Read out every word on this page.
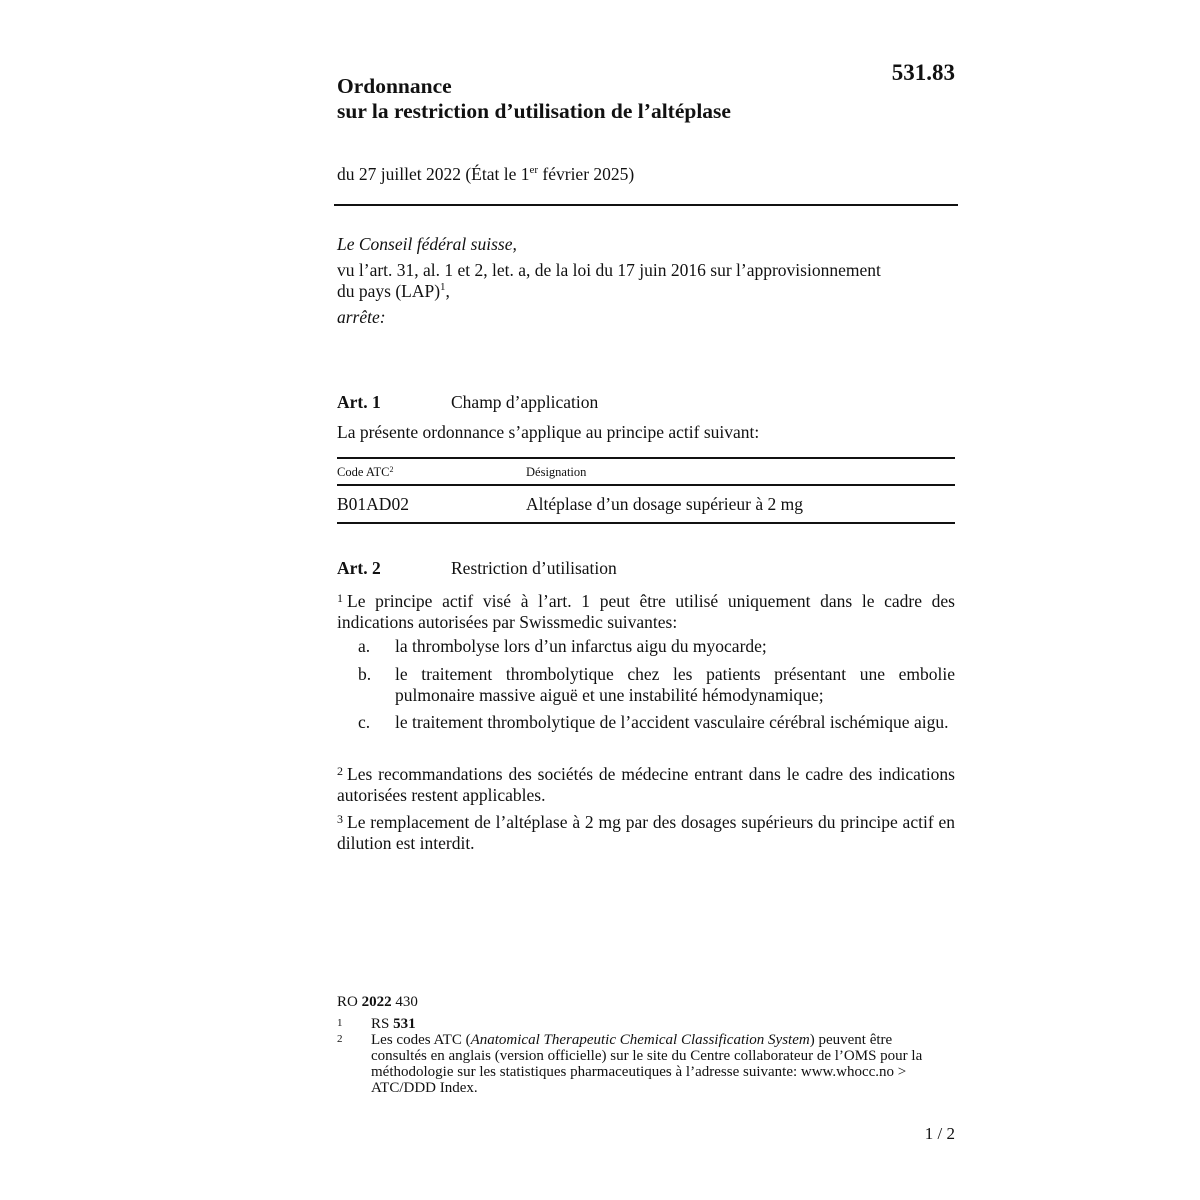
531.83
Ordonnance
sur la restriction d’utilisation de l’altéplase
du 27 juillet 2022 (État le 1er février 2025)

Le Conseil fédéral suisse,

vu l’art. 31, al. 1 et 2, let. a, de la loi du 17 juin 2016 sur l’approvisionnement
du pays (LAP)$^1$,

arrête:

Art. 1	Champ d’application
La présente ordonnance s’applique au principe actif suivant:
Code ATC$^2$	Désignation
B01AD02	Altéplase d’un dosage supérieur à 2 mg
Art. 2	Restriction d’utilisation
$^1$ Le principe actif visé à l’art. 1 peut être utilisé uniquement dans le cadre des indications autorisées par Swissmedic suivantes:
a. la thrombolyse lors d’un infarctus aigu du myocarde;
b. le traitement thrombolytique chez les patients présentant une embolie pulmonaire massive aiguë et une instabilité hémodynamique;
c. le traitement thrombolytique de l’accident vasculaire cérébral ischémique aigu.
$^2$ Les recommandations des sociétés de médecine entrant dans le cadre des indications autorisées restent applicables.
$^3$ Le remplacement de l’altéplase à 2 mg par des dosages supérieurs du principe actif en dilution est interdit.
RO 2022 430
1 RS 531
2 Les codes ATC (Anatomical Therapeutic Chemical Classification System) peuvent être consultés en anglais (version officielle) sur le site du Centre collaborateur de l’OMS pour la méthodologie sur les statistiques pharmaceutiques à l’adresse suivante: www.whocc.no > ATC/DDD Index.
1 / 2
